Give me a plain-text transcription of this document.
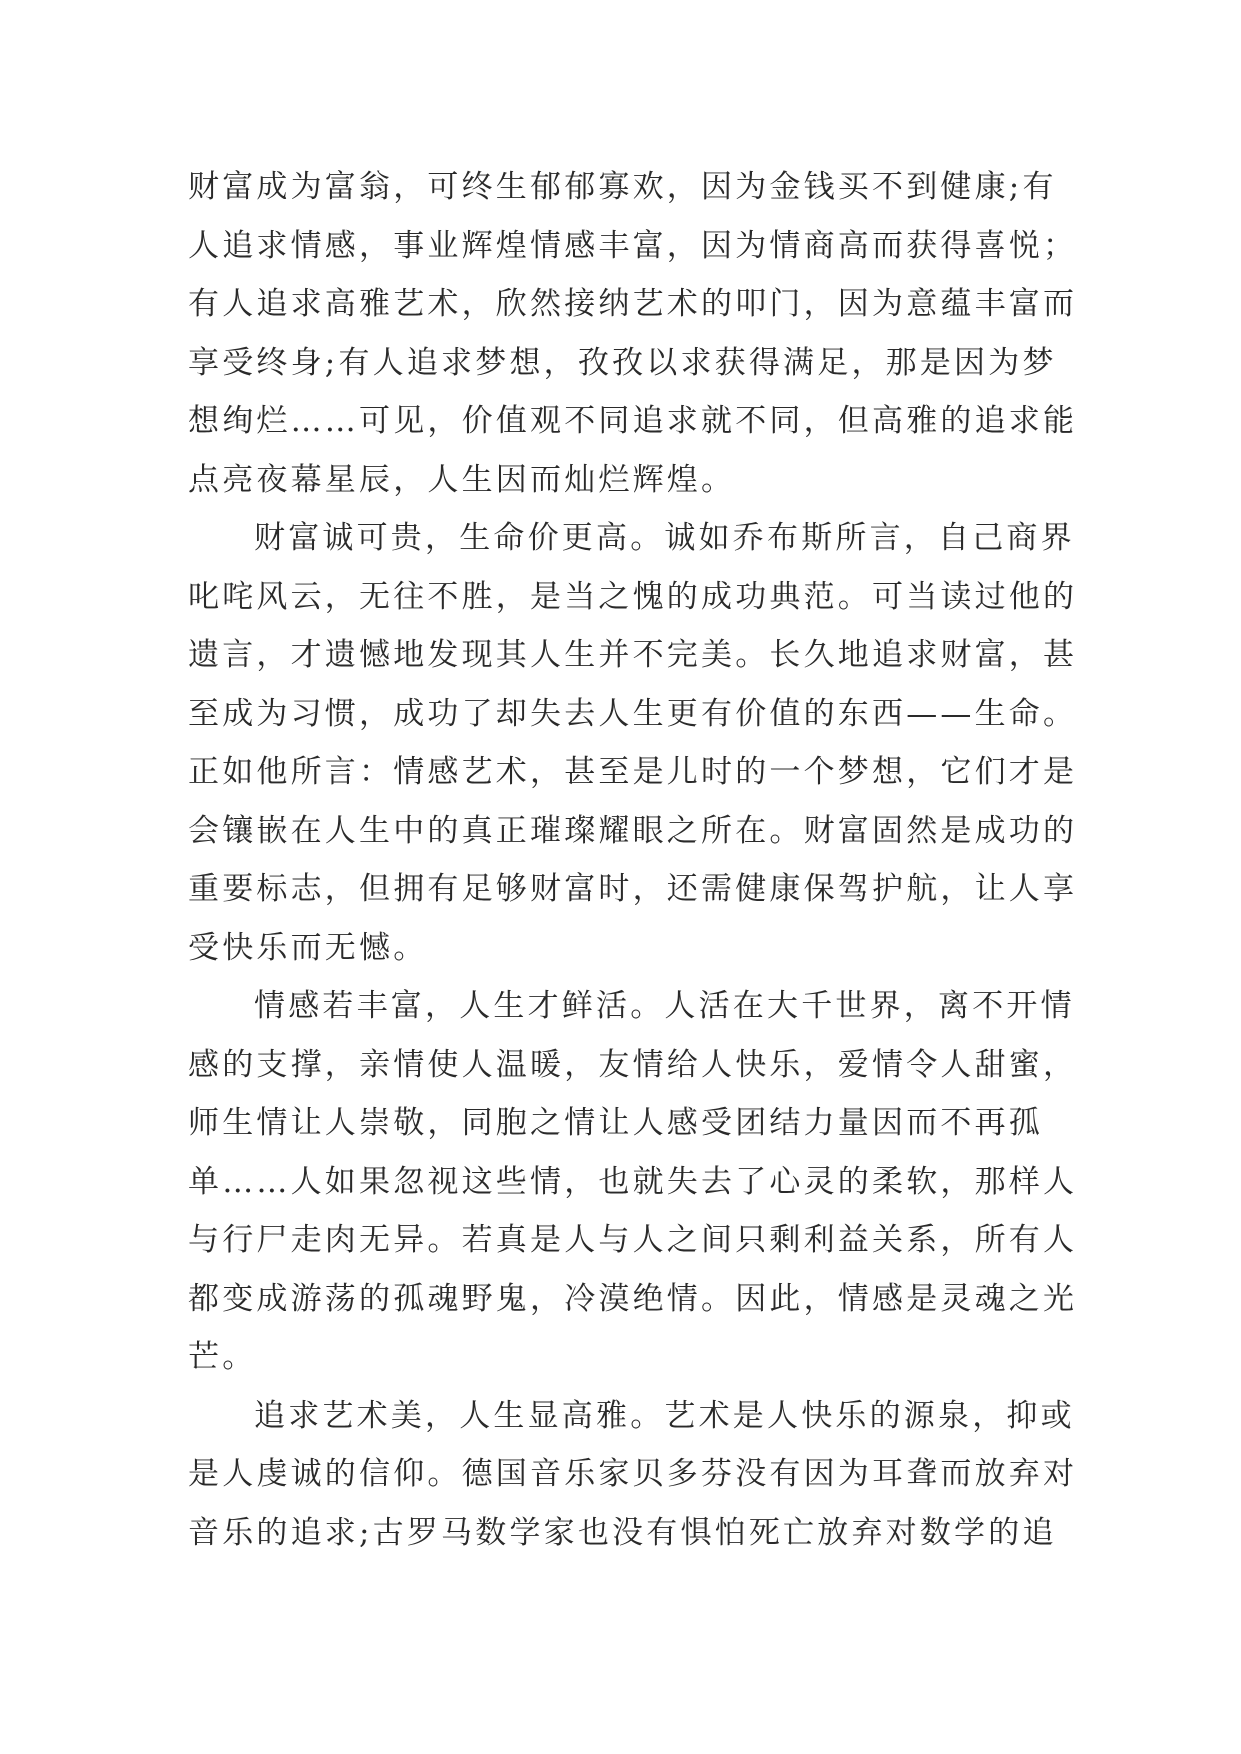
财富成为富翁，可终生郁郁寡欢，因为金钱买不到健康;有
人追求情感，事业辉煌情感丰富，因为情商高而获得喜悦；
有人追求高雅艺术，欣然接纳艺术的叩门，因为意蕴丰富而
享受终身;有人追求梦想，孜孜以求获得满足，那是因为梦
想绚烂……可见，价值观不同追求就不同，但高雅的追求能
点亮夜幕星辰，人生因而灿烂辉煌。
财富诚可贵，生命价更高。诚如乔布斯所言，自己商界
叱咤风云，无往不胜，是当之愧的成功典范。可当读过他的
遗言，才遗憾地发现其人生并不完美。长久地追求财富，甚
至成为习惯，成功了却失去人生更有价值的东西——生命。
正如他所言：情感艺术，甚至是儿时的一个梦想，它们才是
会镶嵌在人生中的真正璀璨耀眼之所在。财富固然是成功的
重要标志，但拥有足够财富时，还需健康保驾护航，让人享
受快乐而无憾。
情感若丰富，人生才鲜活。人活在大千世界，离不开情
感的支撑，亲情使人温暖，友情给人快乐，爱情令人甜蜜，
师生情让人崇敬，同胞之情让人感受团结力量因而不再孤
单……人如果忽视这些情，也就失去了心灵的柔软，那样人
与行尸走肉无异。若真是人与人之间只剩利益关系，所有人
都变成游荡的孤魂野鬼，冷漠绝情。因此，情感是灵魂之光
芒。
追求艺术美，人生显高雅。艺术是人快乐的源泉，抑或
是人虔诚的信仰。德国音乐家贝多芬没有因为耳聋而放弃对
音乐的追求;古罗马数学家也没有惧怕死亡放弃对数学的追
